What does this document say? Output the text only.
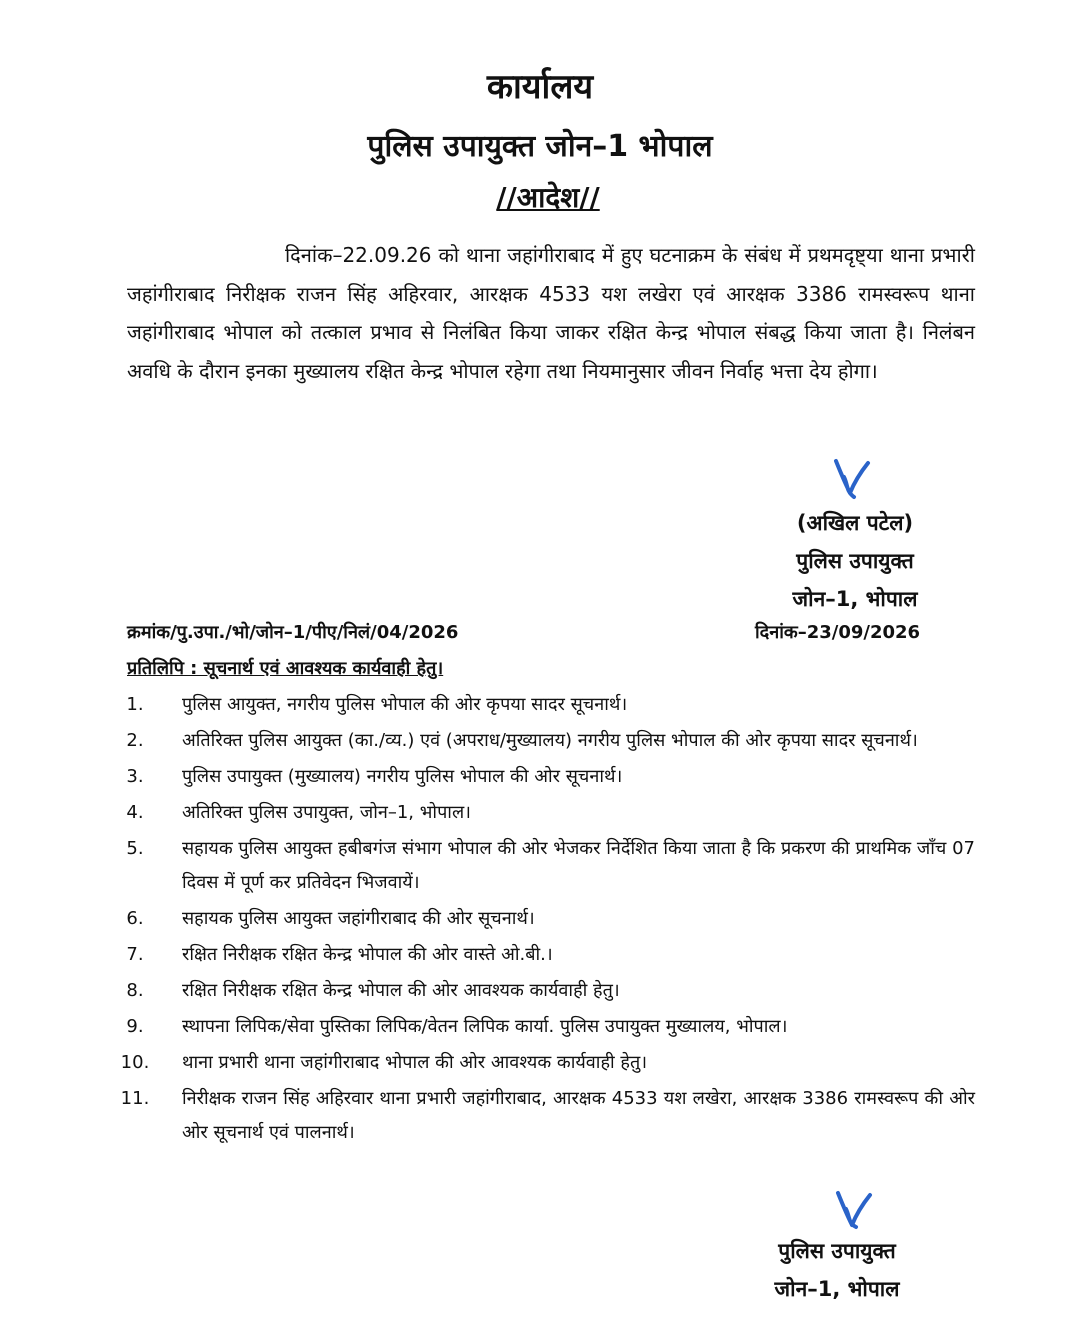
कार्यालय
पुलिस उपायुक्त जोन–1 भोपाल
//आदेश//

दिनांक–22.09.26 को थाना जहांगीराबाद में हुए घटनाक्रम के संबंध में प्रथमदृष्ट्या थाना प्रभारी जहांगीराबाद निरीक्षक राजन सिंह अहिरवार, आरक्षक 4533 यश लखेरा एवं आरक्षक 3386 रामस्वरूप थाना जहांगीराबाद भोपाल को तत्काल प्रभाव से निलंबित किया जाकर रक्षित केन्द्र भोपाल संबद्ध किया जाता है। निलंबन अवधि के दौरान इनका मुख्यालय रक्षित केन्द्र भोपाल रहेगा तथा नियमानुसार जीवन निर्वाह भत्ता देय होगा।

(अखिल पटेल)
पुलिस उपायुक्त
जोन–1, भोपाल
क्रमांक/पु.उपा./भो/जोन–1/पीए/निलं/04/2026	दिनांक–23/09/2026
प्रतिलिपि : सूचनार्थ एवं आवश्यक कार्यवाही हेतु।
1.	पुलिस आयुक्त, नगरीय पुलिस भोपाल की ओर कृपया सादर सूचनार्थ।
2.	अतिरिक्त पुलिस आयुक्त (का./व्य.) एवं (अपराध/मुख्यालय) नगरीय पुलिस भोपाल की ओर कृपया सादर सूचनार्थ।
3.	पुलिस उपायुक्त (मुख्यालय) नगरीय पुलिस भोपाल की ओर सूचनार्थ।
4.	अतिरिक्त पुलिस उपायुक्त, जोन–1, भोपाल।
5.	सहायक पुलिस आयुक्त हबीबगंज संभाग भोपाल की ओर भेजकर निर्देशित किया जाता है कि प्रकरण की प्राथमिक जॉंच 07 दिवस में पूर्ण कर प्रतिवेदन भिजवायें।
6.	सहायक पुलिस आयुक्त जहांगीराबाद की ओर सूचनार्थ।
7.	रक्षित निरीक्षक रक्षित केन्द्र भोपाल की ओर वास्ते ओ.बी.।
8.	रक्षित निरीक्षक रक्षित केन्द्र भोपाल की ओर आवश्यक कार्यवाही हेतु।
9.	स्थापना लिपिक/सेवा पुस्तिका लिपिक/वेतन लिपिक कार्या. पुलिस उपायुक्त मुख्यालय, भोपाल।
10.	थाना प्रभारी थाना जहांगीराबाद भोपाल की ओर आवश्यक कार्यवाही हेतु।
11.	निरीक्षक राजन सिंह अहिरवार थाना प्रभारी जहांगीराबाद, आरक्षक 4533 यश लखेरा, आरक्षक 3386 रामस्वरूप की ओर ओर सूचनार्थ एवं पालनार्थ।
पुलिस उपायुक्त
जोन–1, भोपाल
